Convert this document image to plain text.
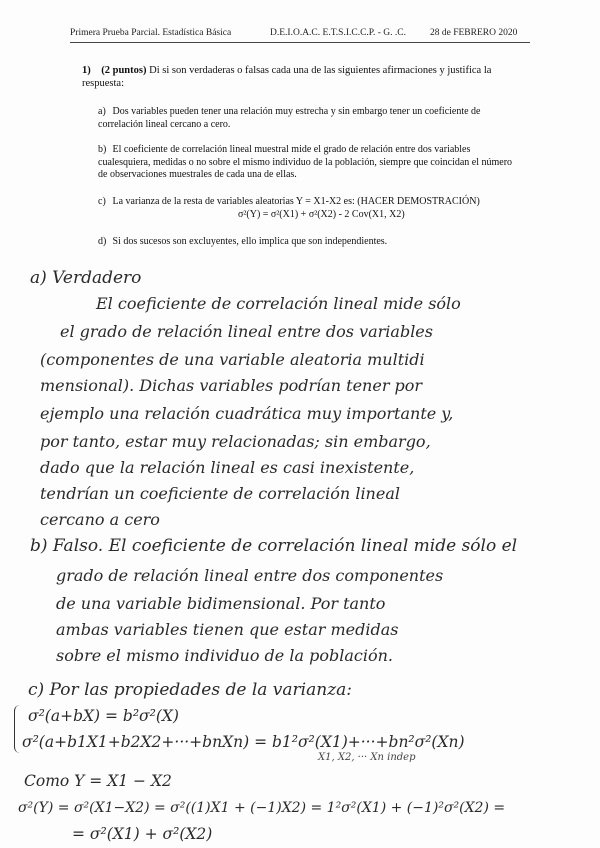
Primera Prueba Parcial. Estadística Básica	D.E.I.O.A.C. E.T.S.I.C.C.P. - G. .C.	28 de FEBRERO 2020
1) (2 puntos) Di si son verdaderas o falsas cada una de las siguientes afirmaciones y justifica la respuesta:
a) Dos variables pueden tener una relación muy estrecha y sin embargo tener un coeficiente de correlación lineal cercano a cero.
b) El coeficiente de correlación lineal muestral mide el grado de relación entre dos variables cualesquiera, medidas o no sobre el mismo individuo de la población, siempre que coincidan el número de observaciones muestrales de cada una de ellas.
c) La varianza de la resta de variables aleatorias Y = X1-X2 es: (HACER DEMOSTRACIÓN)
σ²(Y) = σ²(X1) + σ²(X2) - 2 Cov(X1, X2)
d) Si dos sucesos son excluyentes, ello implica que son independientes.
a) Verdadero
El coeficiente de correlación lineal mide sólo
el grado de relación lineal entre dos variables
(componentes de una variable aleatoria multidi
mensional). Dichas variables podrían tener por
ejemplo una relación cuadrática muy importante y,
por tanto, estar muy relacionadas; sin embargo,
dado que la relación lineal es casi inexistente,
tendrían un coeficiente de correlación lineal
cercano a cero
b) Falso. El coeficiente de correlación lineal mide sólo el
grado de relación lineal entre dos componentes
de una variable bidimensional. Por tanto
ambas variables tienen que estar medidas
sobre el mismo individuo de la población.
c) Por las propiedades de la varianza:
σ²(a+bX) = b²σ²(X)
σ²(a+b1X1+b2X2+···+bnXn) = b1²σ²(X1)+···+bn²σ²(Xn)
X1, X2, ··· Xn indep
Como Y = X1 − X2
σ²(Y) = σ²(X1−X2) = σ²((1)X1 + (−1)X2) = 1²σ²(X1) + (−1)²σ²(X2) =
= σ²(X1) + σ²(X2)
